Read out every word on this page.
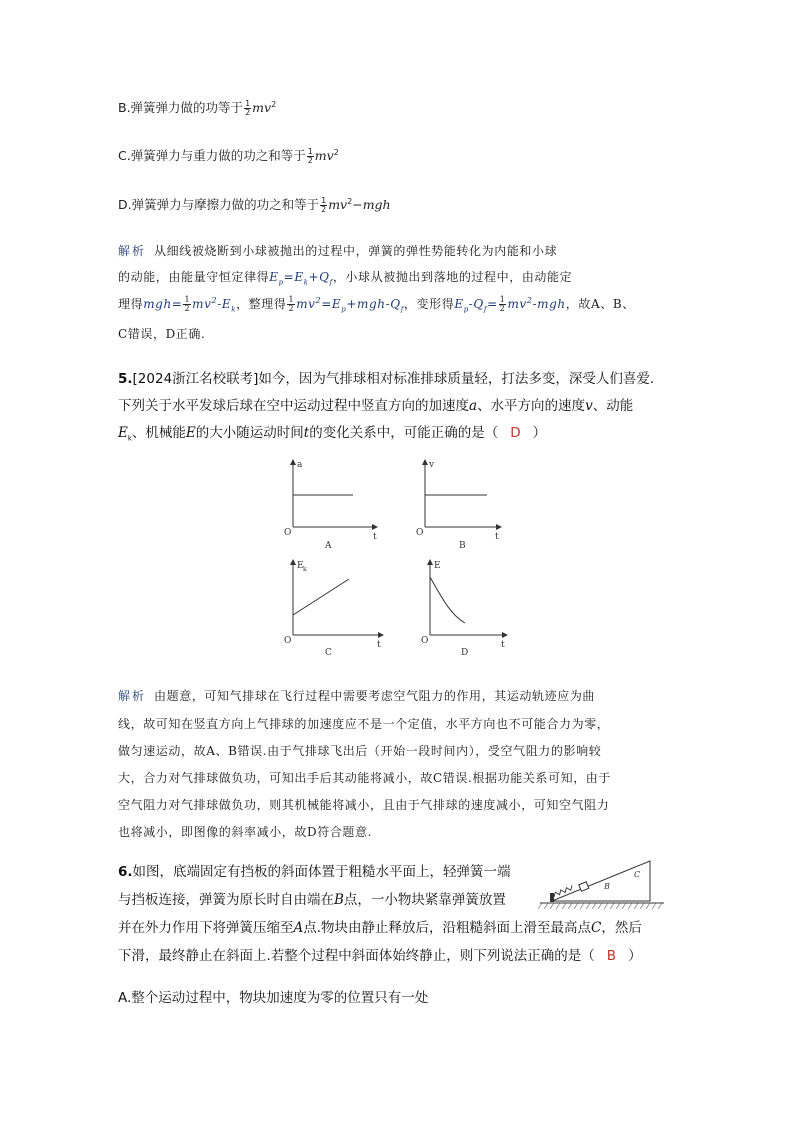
B.弹簧弹力做的功等于 $\frac{1}{2} mv^2$
C.弹簧弹力与重力做的功之和等于 $\frac{1}{2} mv^2$
D.弹簧弹力与摩擦力做的功之和等于 $\frac{1}{2} mv^2-mgh$
解析 从细线被烧断到小球被抛出的过程中，弹簧的弹性势能转化为内能和小球
的动能，由能量守恒定律得$E_p=E_k+Q_f$，小球从被抛出到落地的过程中，由动能定
理得$mgh= \frac{1}{2} mv^2-E_k$，整理得 $\frac{1}{2} mv^2=E_p+mgh-Q_f$，变形得$E_p-Q_f= \frac{1}{2} mv^2-mgh$，故A、B、
C错误，D正确.
5.[2024浙江名校联考]如今，因为气排球相对标准排球质量轻，打法多变，深受人们喜爱.
下列关于水平发球后球在空中运动过程中竖直方向的加速度a、水平方向的速度v、动能
$E_k$、机械能E的大小随运动时间t的变化关系中，可能正确的是（ D ）
a
t
O
A
v
t
O
B
E k
t
O
C
E
t
O
D
解析 由题意，可知气排球在飞行过程中需要考虑空气阻力的作用，其运动轨迹应为曲
线，故可知在竖直方向上气排球的加速度应不是一个定值，水平方向也不可能合力为零，
做匀速运动，故A、B错误.由于气排球飞出后（开始一段时间内），受空气阻力的影响较
大，合力对气排球做负功，可知出手后其动能将减小，故C错误.根据功能关系可知，由于
空气阻力对气排球做负功，则其机械能将减小，且由于气排球的速度减小，可知空气阻力
也将减小，即图像的斜率减小，故D符合题意.
6.如图，底端固定有挡板的斜面体置于粗糙水平面上，轻弹簧一端
与挡板连接，弹簧为原长时自由端在B点，一小物块紧靠弹簧放置
并在外力作用下将弹簧压缩至A点.物块由静止释放后，沿粗糙斜面上滑至最高点C，然后
下滑，最终静止在斜面上.若整个过程中斜面体始终静止，则下列说法正确的是（ B ）
A.整个运动过程中，物块加速度为零的位置只有一处
B
C
